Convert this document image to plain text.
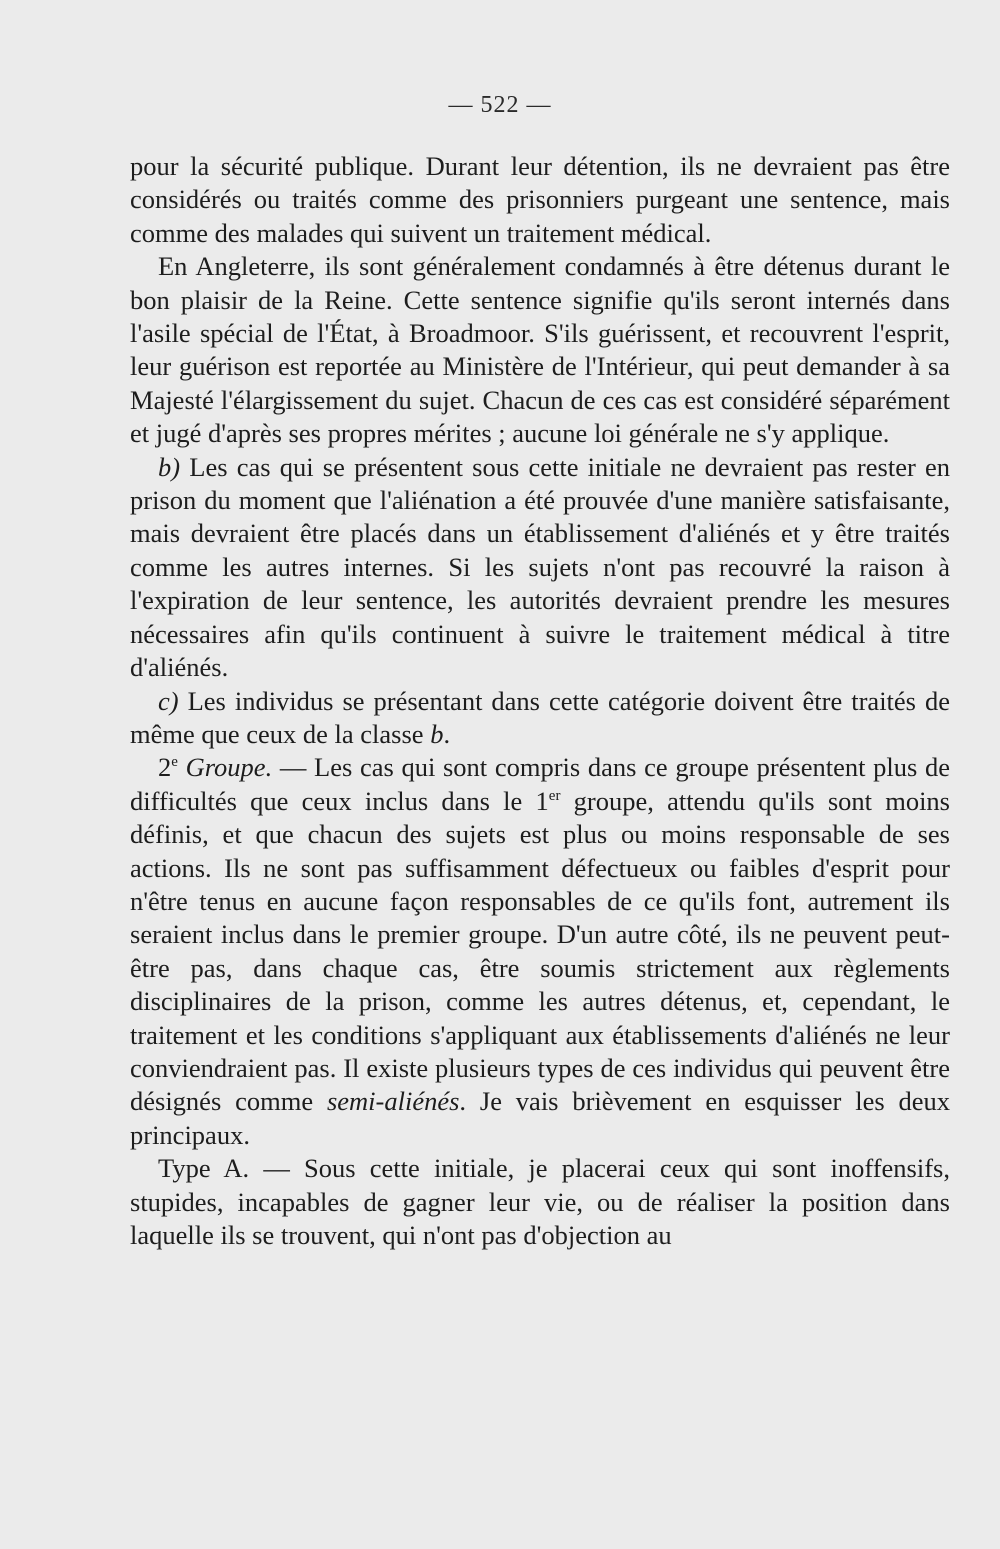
— 522 —

pour la sécurité publique. Durant leur détention, ils ne devraient pas être considérés ou traités comme des prisonniers purgeant une sentence, mais comme des malades qui suivent un traitement médical.

En Angleterre, ils sont généralement condamnés à être détenus durant le bon plaisir de la Reine. Cette sentence signifie qu'ils seront internés dans l'asile spécial de l'État, à Broadmoor. S'ils guérissent, et recouvrent l'esprit, leur guérison est reportée au Ministère de l'Intérieur, qui peut demander à sa Majesté l'élargissement du sujet. Chacun de ces cas est considéré séparément et jugé d'après ses propres mérites ; aucune loi générale ne s'y applique.

b) Les cas qui se présentent sous cette initiale ne devraient pas rester en prison du moment que l'aliénation a été prouvée d'une manière satisfaisante, mais devraient être placés dans un établissement d'aliénés et y être traités comme les autres internes. Si les sujets n'ont pas recouvré la raison à l'expiration de leur sentence, les autorités devraient prendre les mesures nécessaires afin qu'ils continuent à suivre le traitement médical à titre d'aliénés.

c) Les individus se présentant dans cette catégorie doivent être traités de même que ceux de la classe b.

2e Groupe. — Les cas qui sont compris dans ce groupe présentent plus de difficultés que ceux inclus dans le 1er groupe, attendu qu'ils sont moins définis, et que chacun des sujets est plus ou moins responsable de ses actions. Ils ne sont pas suffisamment défectueux ou faibles d'esprit pour n'être tenus en aucune façon responsables de ce qu'ils font, autrement ils seraient inclus dans le premier groupe. D'un autre côté, ils ne peuvent peut-être pas, dans chaque cas, être soumis strictement aux règlements disciplinaires de la prison, comme les autres détenus, et, cependant, le traitement et les conditions s'appliquant aux établissements d'aliénés ne leur conviendraient pas. Il existe plusieurs types de ces individus qui peuvent être désignés comme semi-aliénés. Je vais brièvement en esquisser les deux principaux.

Type A. — Sous cette initiale, je placerai ceux qui sont inoffensifs, stupides, incapables de gagner leur vie, ou de réaliser la position dans laquelle ils se trouvent, qui n'ont pas d'objection au
